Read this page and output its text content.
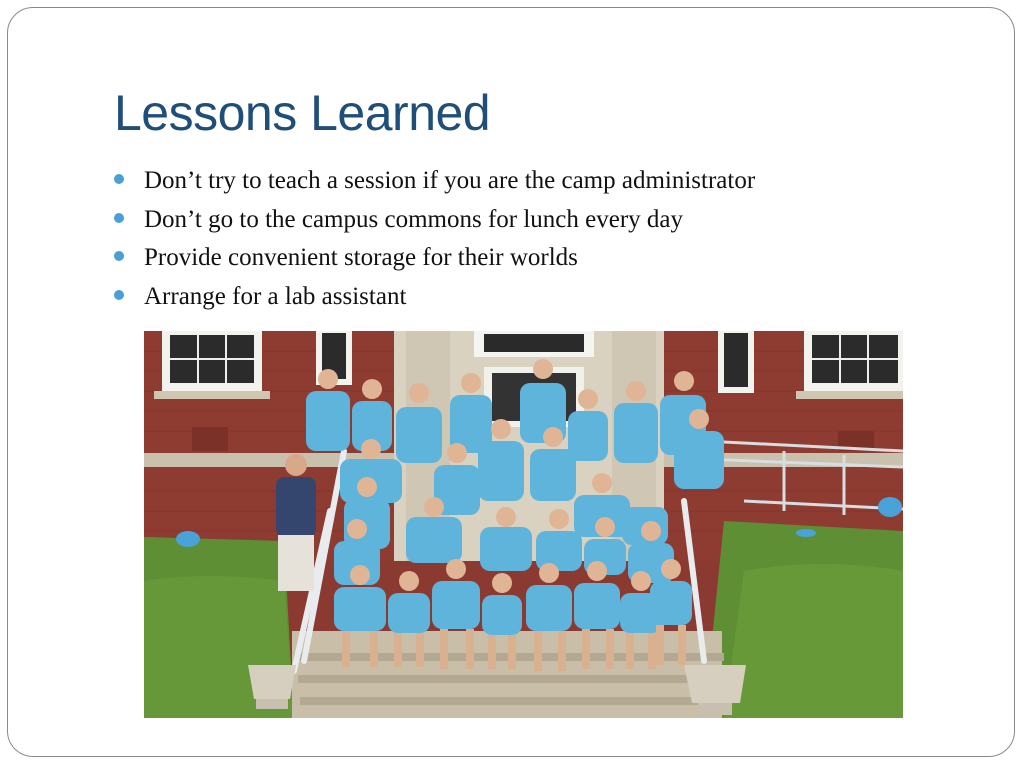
Lessons Learned
Don’t try to teach a session if you are the camp administrator
Don’t go to the campus commons for lunch every day
Provide convenient storage for their worlds
Arrange for a lab assistant
